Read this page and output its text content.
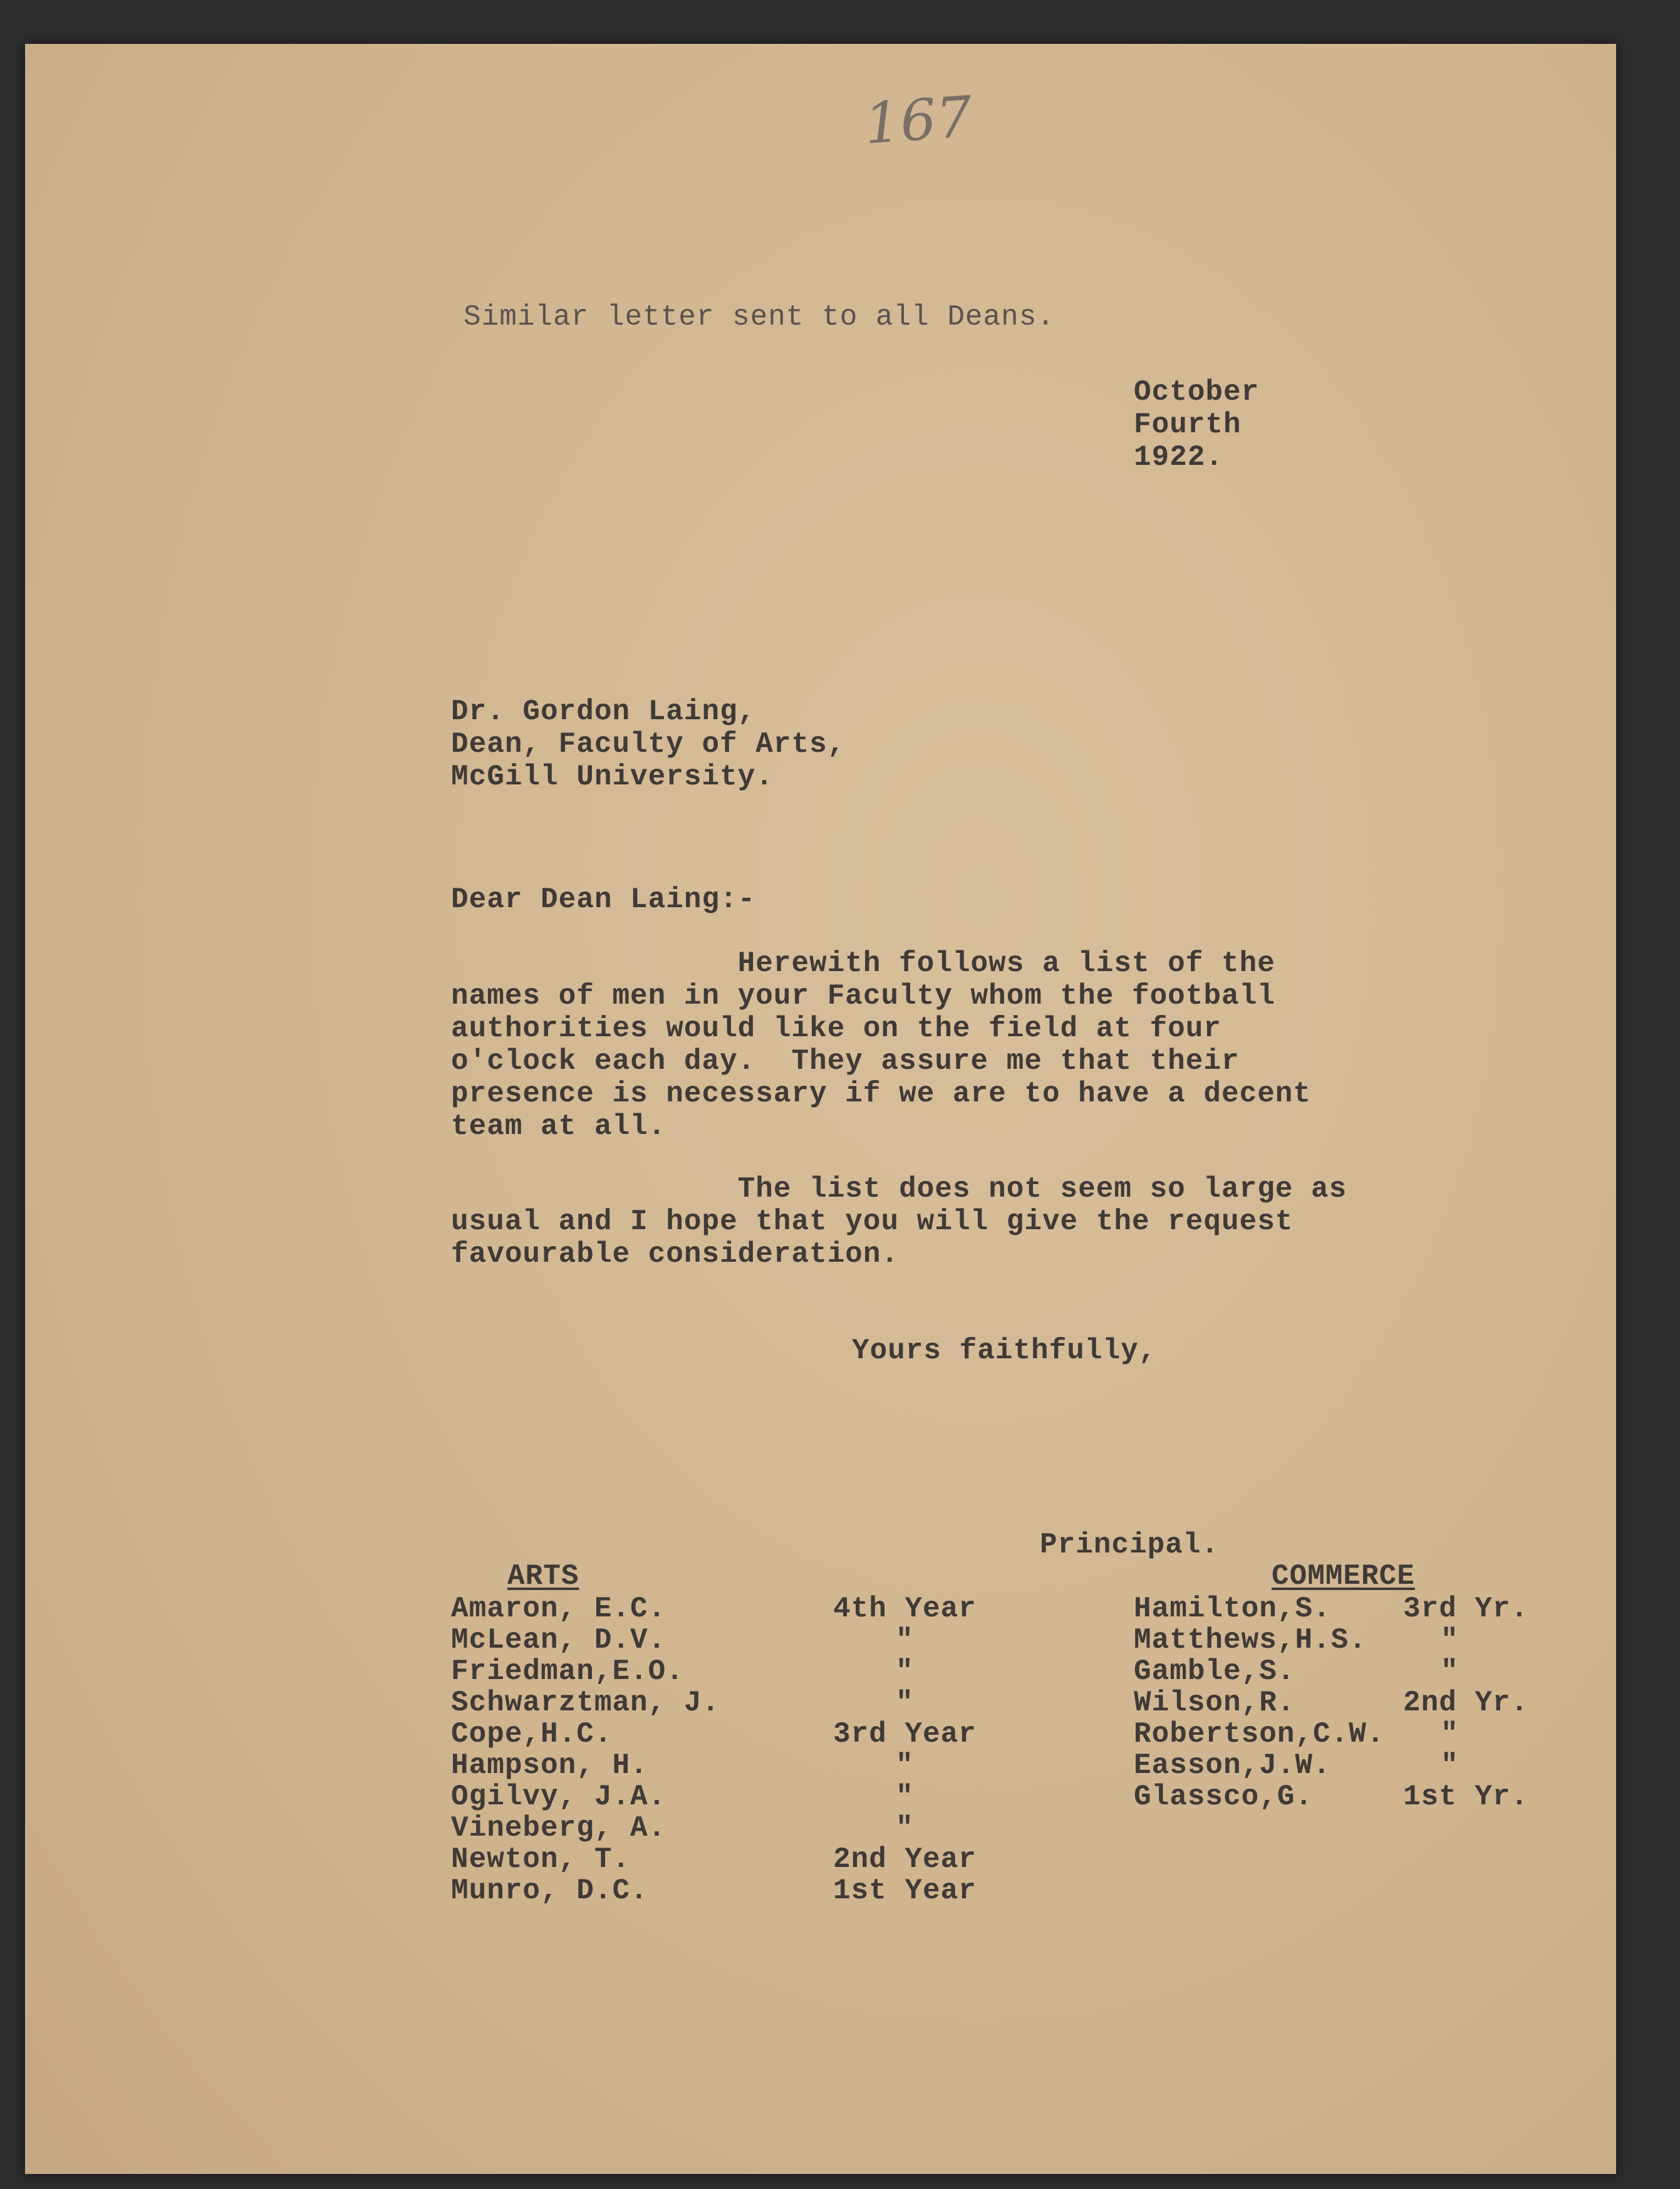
167
Similar letter sent to all Deans.
October
Fourth
1922.
Dr. Gordon Laing,
Dean, Faculty of Arts,
McGill University.
Dear Dean Laing:-
Herewith follows a list of the
names of men in your Faculty whom the football
authorities would like on the field at four
o'clock each day.  They assure me that their
presence is necessary if we are to have a decent
team at all.
The list does not seem so large as
usual and I hope that you will give the request
favourable consideration.
Yours faithfully,
Principal.
ARTS
Amaron, E.C.	4th Year
McLean, D.V.	"
Friedman,E.O.	"
Schwarztman, J.	"
Cope,H.C.	3rd Year
Hampson, H.	"
Ogilvy, J.A.	"
Vineberg, A.	"
Newton, T.	2nd Year
Munro, D.C.	1st Year
COMMERCE
Hamilton,S.	3rd Yr.
Matthews,H.S.	"
Gamble,S.	"
Wilson,R.	2nd Yr.
Robertson,C.W. "
Easson,J.W.	"
Glassco,G.	1st Yr.
